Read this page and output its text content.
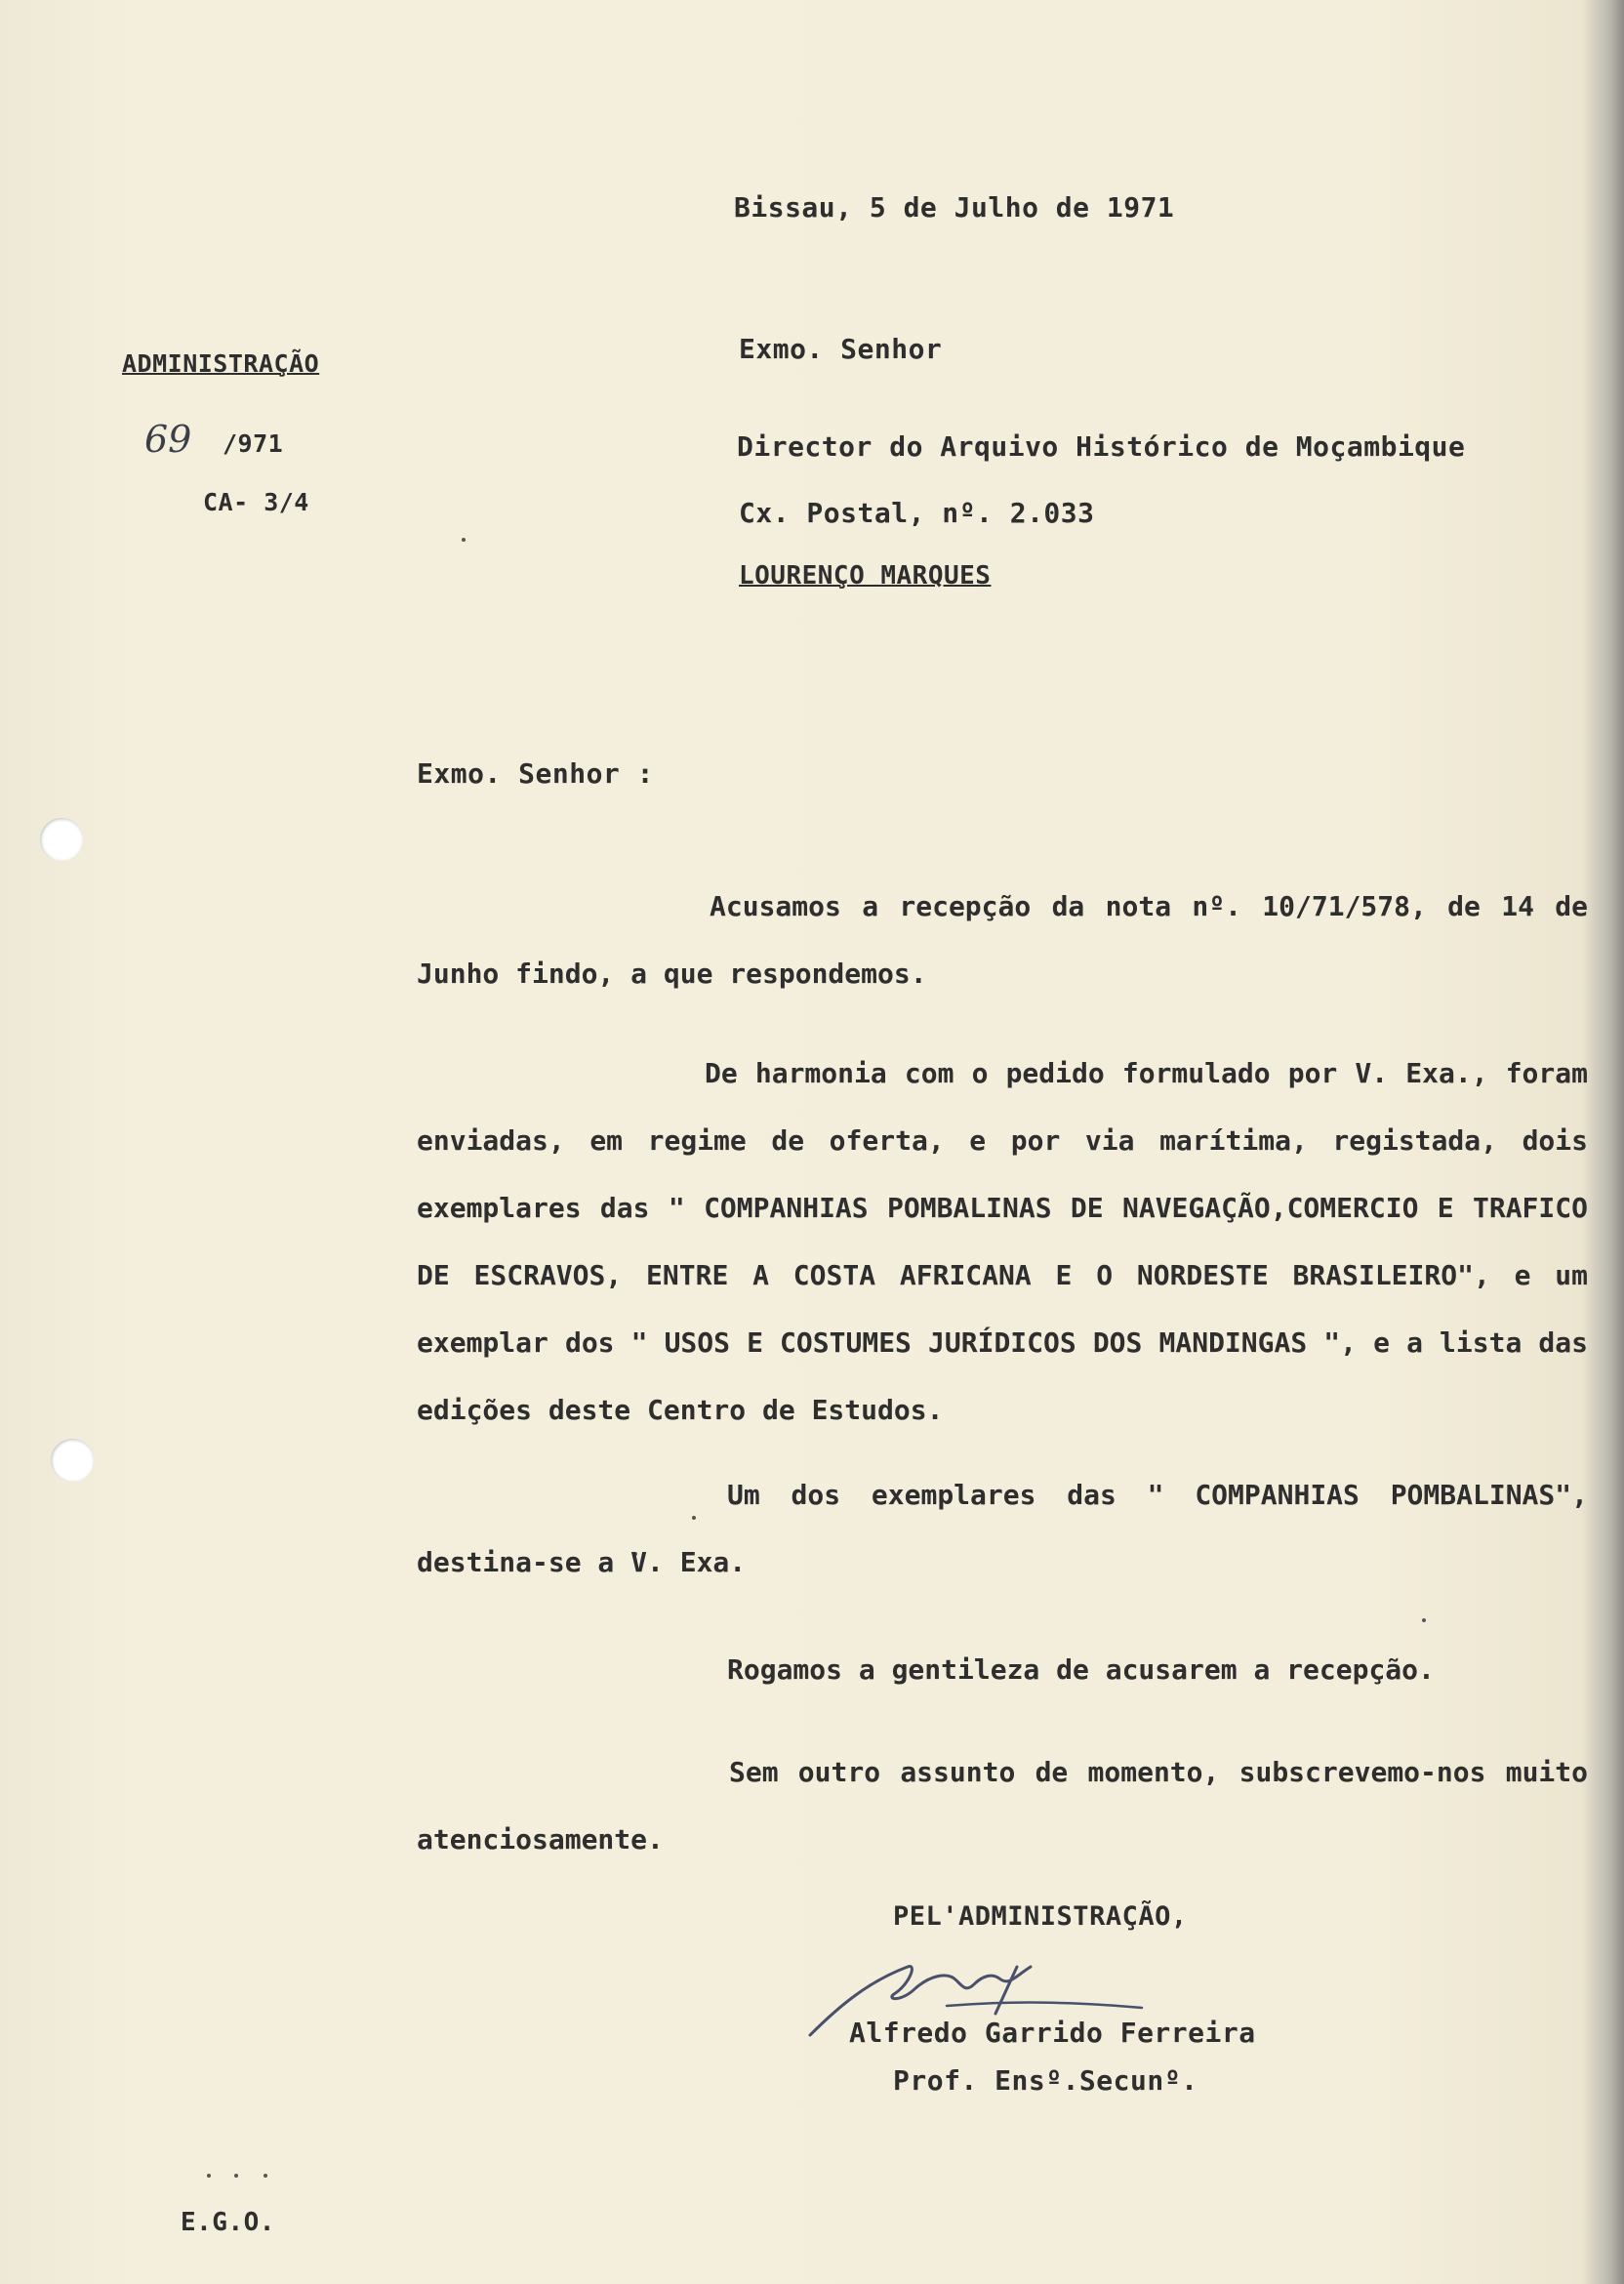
Bissau, 5 de Julho de 1971

ADMINISTRAÇÃO

69 /971

CA- 3/4

Exmo. Senhor

Director do Arquivo Histórico de Moçambique

Cx. Postal, nº. 2.033

LOURENÇO MARQUES

Exmo. Senhor :

Acusamos a recepção da nota nº. 10/71/578, de 14 de Junho findo, a que respondemos.

De harmonia com o pedido formulado por V. Exa., foram enviadas, em regime de oferta, e por via marítima, registada, dois exemplares das " COMPANHIAS POMBALINAS DE NAVEGAÇÃO,COMERCIO E TRAFICO DE ESCRAVOS, ENTRE A COSTA AFRICANA E O NORDESTE BRASILEIRO", e um exemplar dos " USOS E COSTUMES JURÍDICOS DOS MANDINGAS ", e a lista das edições deste Centro de Estudos.

Um dos exemplares das " COMPANHIAS POMBALINAS", destina-se a V. Exa.

Rogamos a gentileza de acusarem a recepção.

Sem outro assunto de momento, subscrevemo-nos muito atenciosamente.

PEL'ADMINISTRAÇÃO,

Alfredo Garrido Ferreira

Prof. Ensº.Secunº.

E.G.O.
